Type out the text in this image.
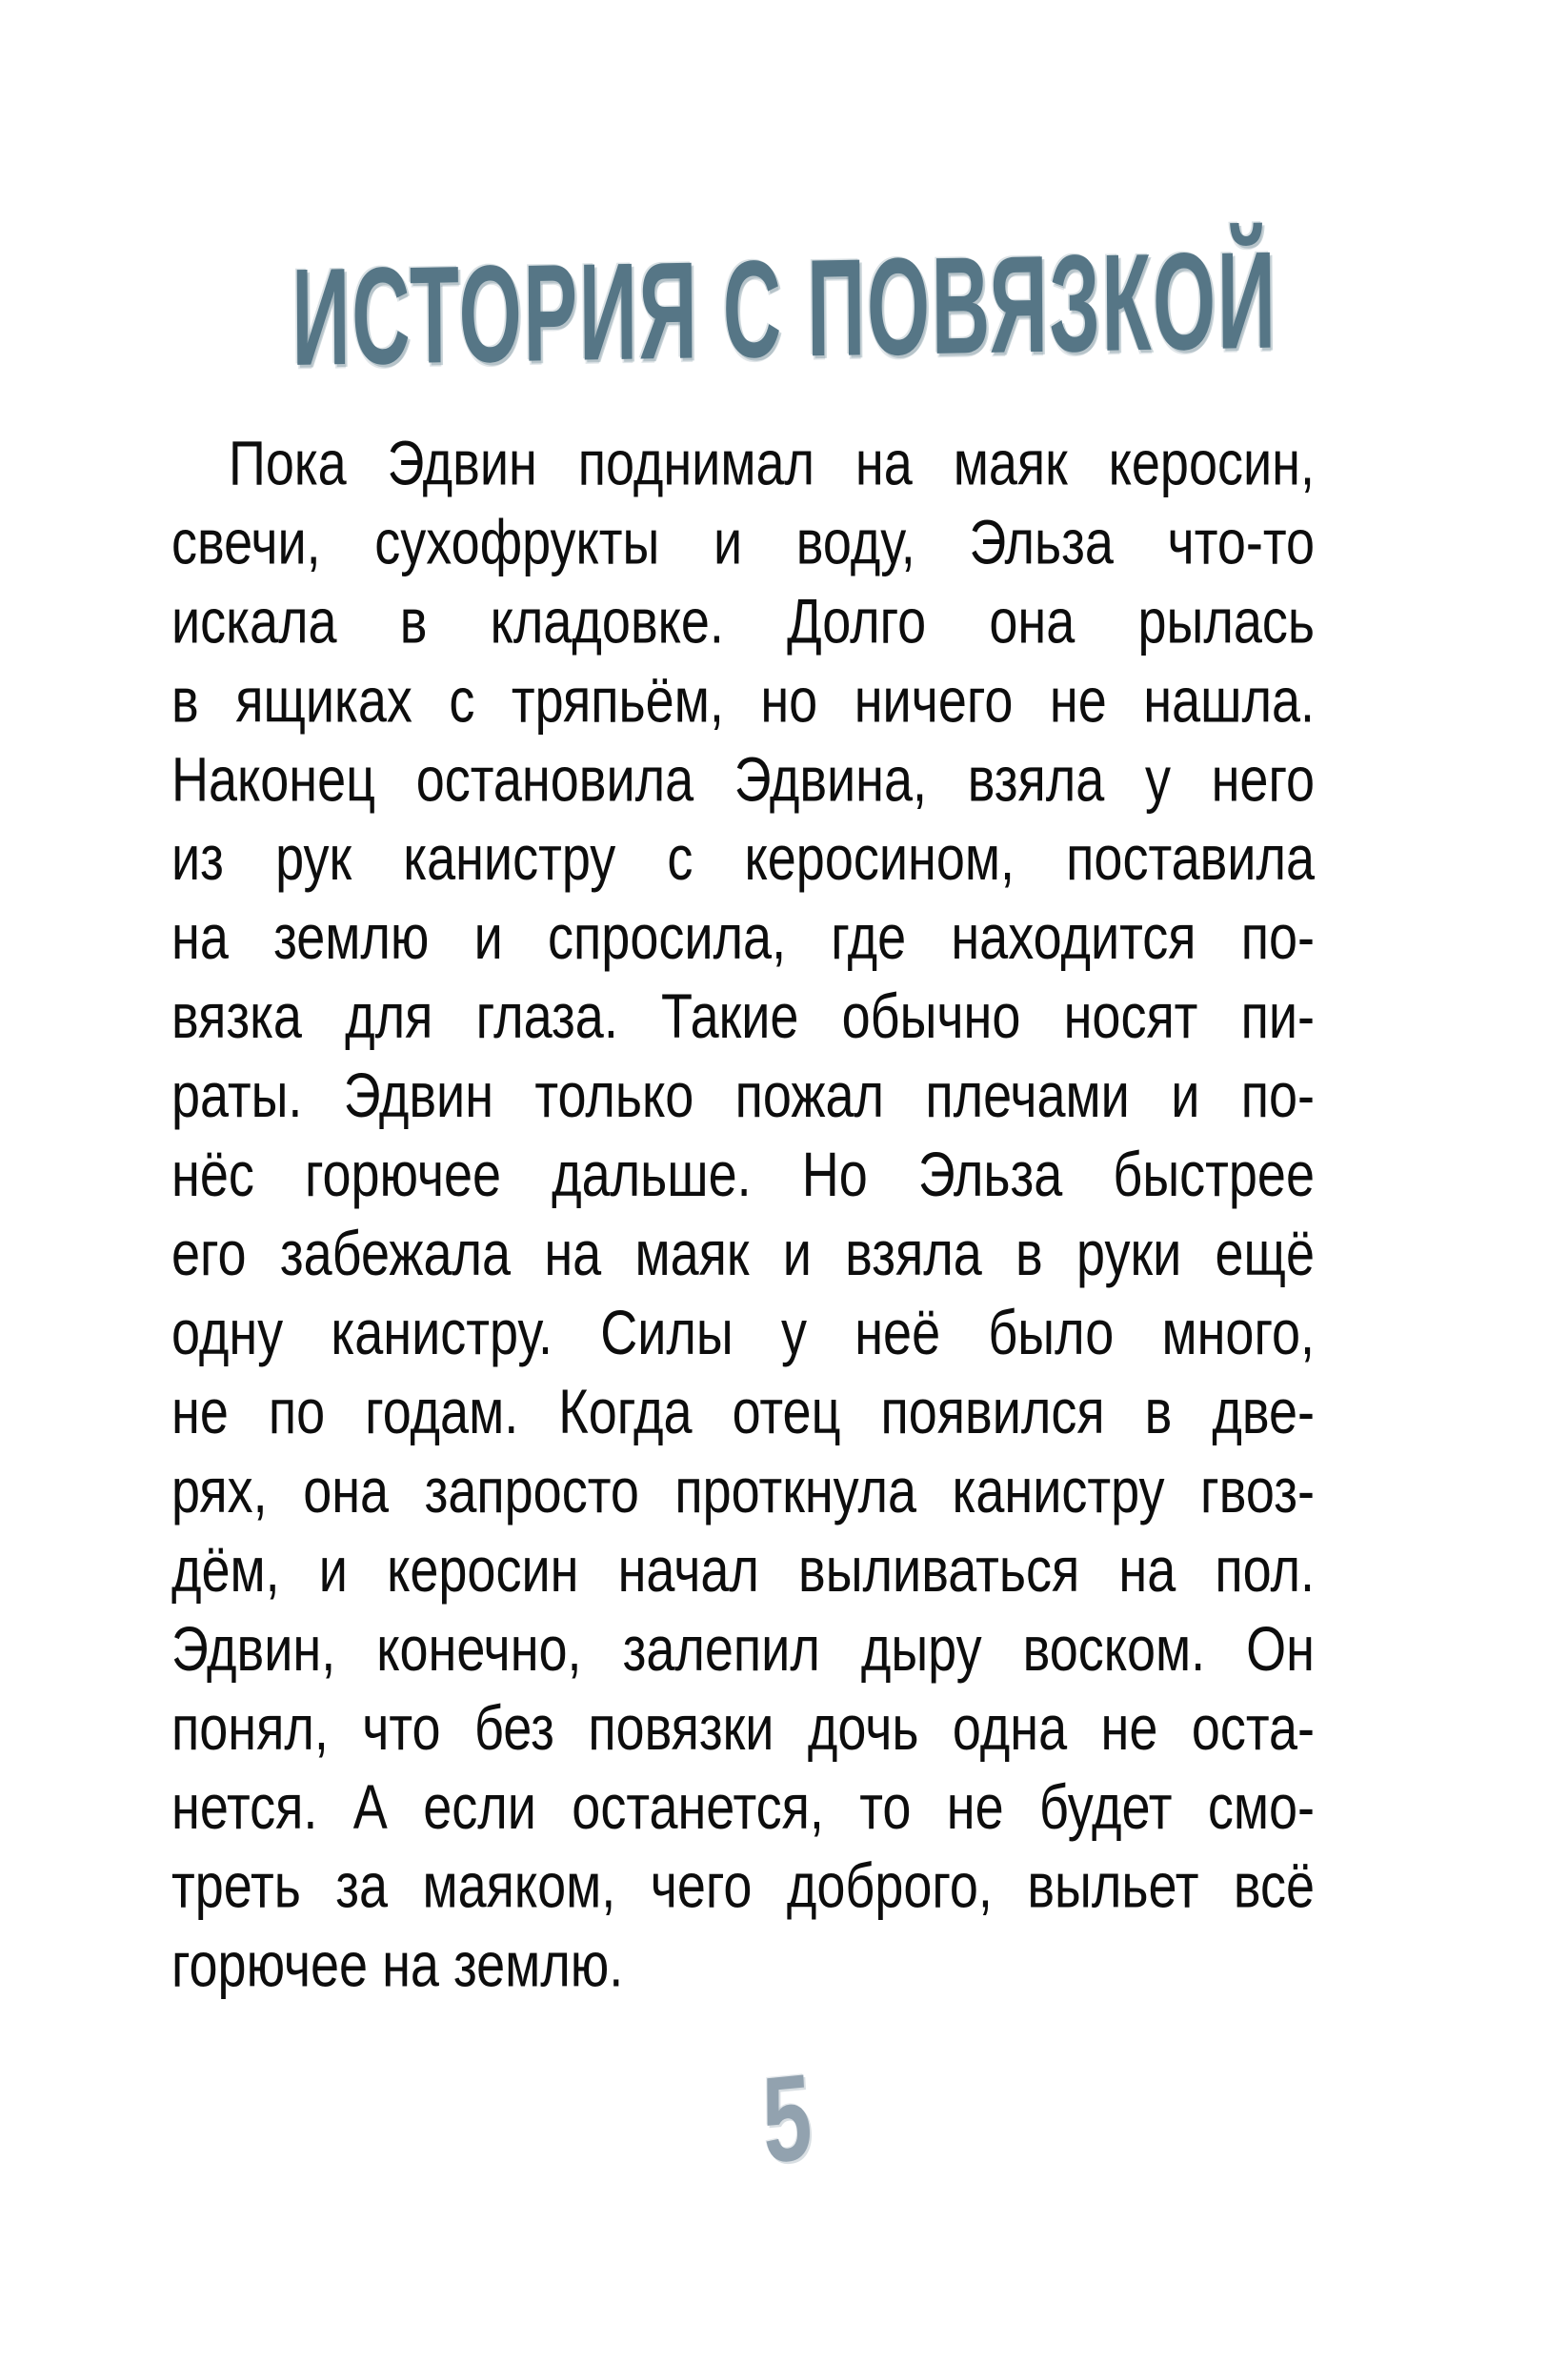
ИСТОРИЯ С ПОВЯЗКОЙ
Пока Эдвин поднимал на маяк керосин,
свечи, сухофрукты и воду, Эльза что-то
искала в кладовке. Долго она рылась
в ящиках с тряпьём, но ничего не нашла.
Наконец остановила Эдвина, взяла у него
из рук канистру с керосином, поставила
на землю и спросила, где находится по-
вязка для глаза. Такие обычно носят пи-
раты. Эдвин только пожал плечами и по-
нёс горючее дальше. Но Эльза быстрее
его забежала на маяк и взяла в руки ещё
одну канистру. Силы у неё было много,
не по годам. Когда отец появился в две-
рях, она запросто проткнула канистру гвоз-
дём, и керосин начал выливаться на пол.
Эдвин, конечно, залепил дыру воском. Он
понял, что без повязки дочь одна не оста-
нется. А если останется, то не будет смо-
треть за маяком, чего доброго, выльет всё
горючее на землю.
5
